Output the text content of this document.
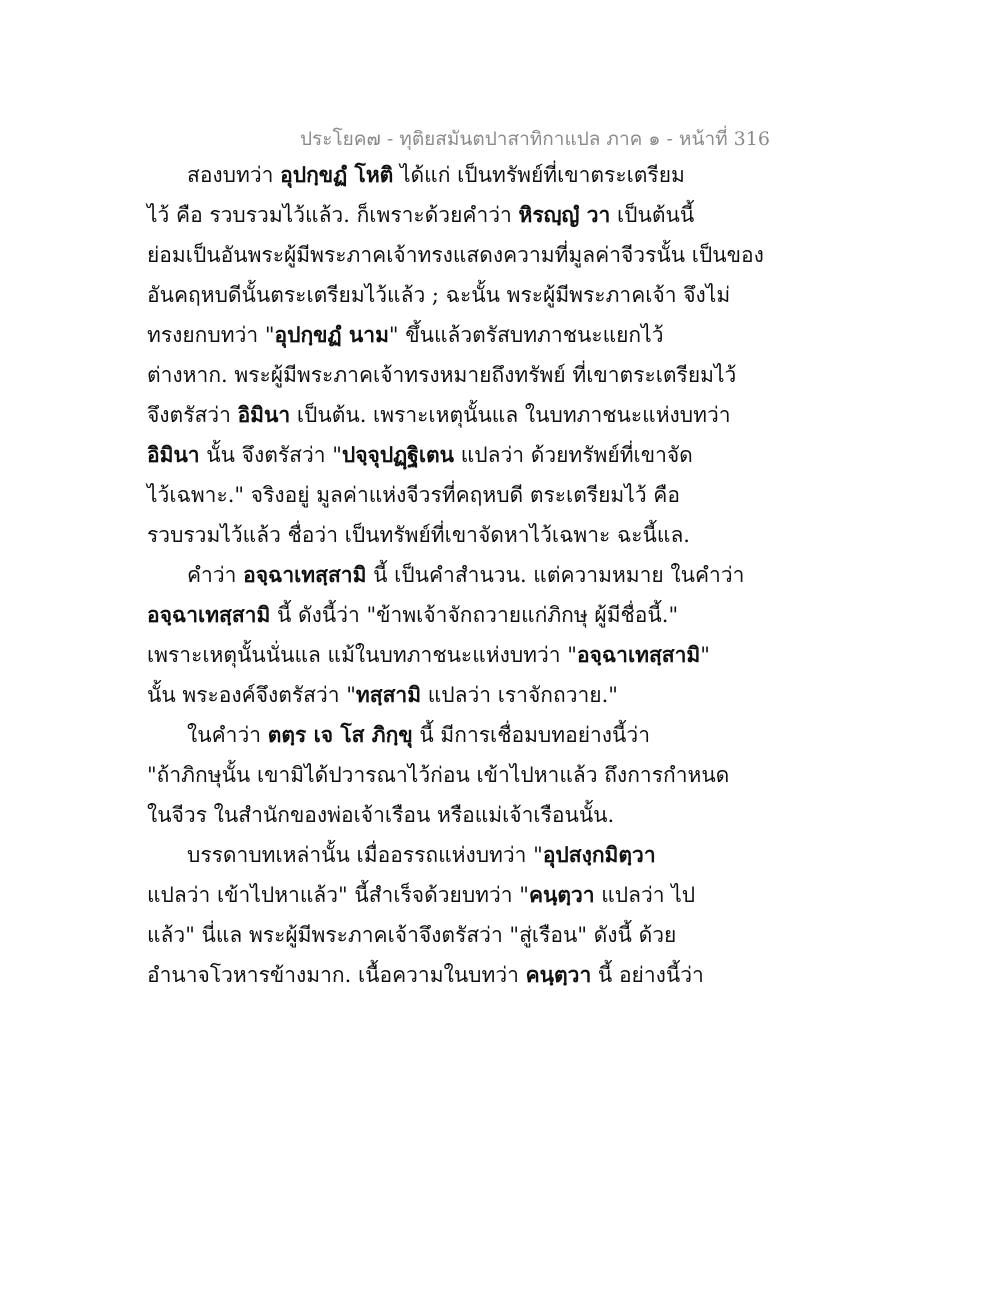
ประโยค๗ - ทุติยสมันตปาสาทิกาแปล ภาค ๑ - หน้าที่ 316
สองบทว่า อุปกฺขฏํ โหติ ได้แก่ เป็นทรัพย์ที่เขาตระเตรียม
ไว้ คือ รวบรวมไว้แล้ว. ก็เพราะด้วยคำว่า หิรญฺญํ วา เป็นต้นนี้
ย่อมเป็นอันพระผู้มีพระภาคเจ้าทรงแสดงความที่มูลค่าจีวรนั้น เป็นของ
อันคฤหบดีนั้นตระเตรียมไว้แล้ว ; ฉะนั้น พระผู้มีพระภาคเจ้า จึงไม่
ทรงยกบทว่า "อุปกฺขฏํ นาม" ขึ้นแล้วตรัสบทภาชนะแยกไว้
ต่างหาก. พระผู้มีพระภาคเจ้าทรงหมายถึงทรัพย์ ที่เขาตระเตรียมไว้
จึงตรัสว่า อิมินา เป็นต้น. เพราะเหตุนั้นแล ในบทภาชนะแห่งบทว่า
อิมินา นั้น จึงตรัสว่า "ปจฺจุปฏฺฐิเตน แปลว่า ด้วยทรัพย์ที่เขาจัด
ไว้เฉพาะ." จริงอยู่ มูลค่าแห่งจีวรที่คฤหบดี ตระเตรียมไว้ คือ
รวบรวมไว้แล้ว ชื่อว่า เป็นทรัพย์ที่เขาจัดหาไว้เฉพาะ ฉะนี้แล.
คำว่า อจฺฉาเทสฺสามิ นี้ เป็นคำสำนวน. แต่ความหมาย ในคำว่า
อจฺฉาเทสฺสามิ นี้ ดังนี้ว่า "ข้าพเจ้าจักถวายแก่ภิกษุ ผู้มีชื่อนี้."
เพราะเหตุนั้นนั่นแล แม้ในบทภาชนะแห่งบทว่า "อจฺฉาเทสฺสามิ"
นั้น พระองค์จึงตรัสว่า "ทสฺสามิ แปลว่า เราจักถวาย."
ในคำว่า ตตฺร เจ โส ภิกฺขุ นี้ มีการเชื่อมบทอย่างนี้ว่า
"ถ้าภิกษุนั้น เขามิได้ปวารณาไว้ก่อน เข้าไปหาแล้ว ถึงการกำหนด
ในจีวร ในสำนักของพ่อเจ้าเรือน หรือแม่เจ้าเรือนนั้น.
บรรดาบทเหล่านั้น เมื่ออรรถแห่งบทว่า "อุปสงฺกมิตฺวา
แปลว่า เข้าไปหาแล้ว" นี้สำเร็จด้วยบทว่า "คนฺตฺวา แปลว่า ไป
แล้ว" นี่แล พระผู้มีพระภาคเจ้าจึงตรัสว่า "สู่เรือน" ดังนี้ ด้วย
อำนาจโวหารข้างมาก. เนื้อความในบทว่า คนฺตฺวา นี้ อย่างนี้ว่า
